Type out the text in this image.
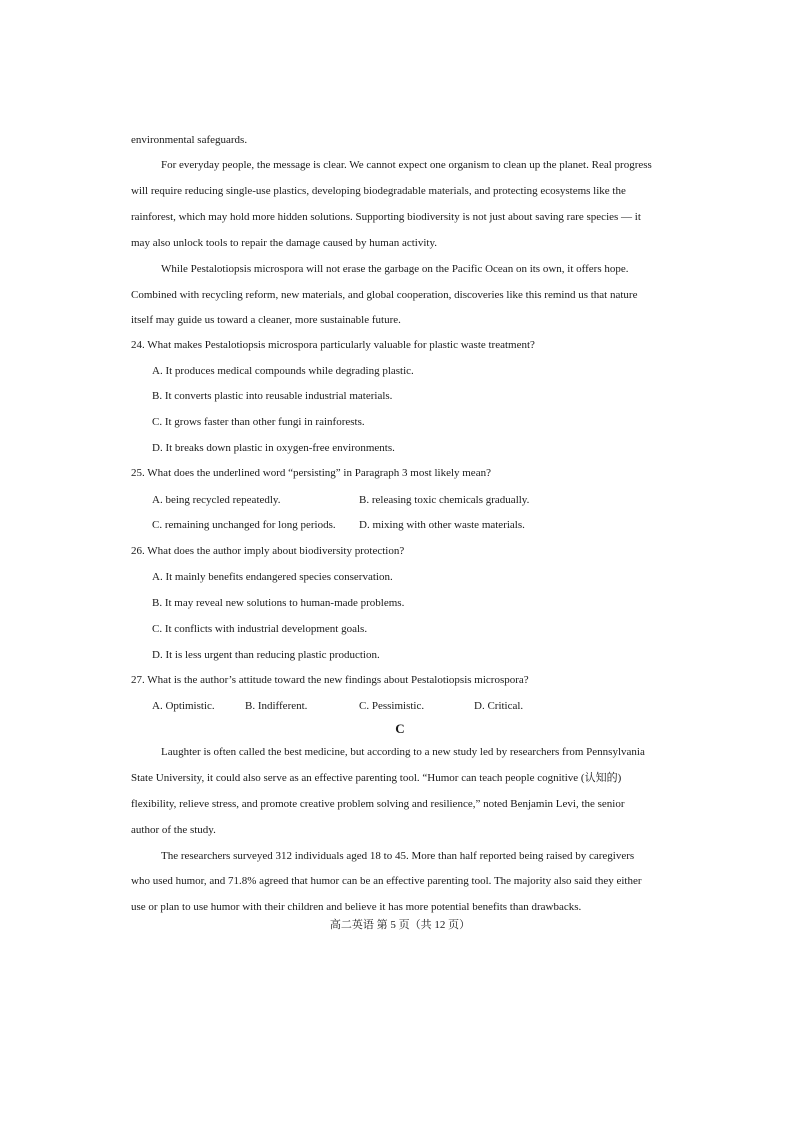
environmental safeguards.
For everyday people, the message is clear. We cannot expect one organism to clean up the planet. Real progress
will require reducing single-use plastics, developing biodegradable materials, and protecting ecosystems like the
rainforest, which may hold more hidden solutions. Supporting biodiversity is not just about saving rare species — it
may also unlock tools to repair the damage caused by human activity.
While Pestalotiopsis microspora will not erase the garbage on the Pacific Ocean on its own, it offers hope.
Combined with recycling reform, new materials, and global cooperation, discoveries like this remind us that nature
itself may guide us toward a cleaner, more sustainable future.
24. What makes Pestalotiopsis microspora particularly valuable for plastic waste treatment?
A. It produces medical compounds while degrading plastic.
B. It converts plastic into reusable industrial materials.
C. It grows faster than other fungi in rainforests.
D. It breaks down plastic in oxygen-free environments.
25. What does the underlined word “persisting” in Paragraph 3 most likely mean?
A. being recycled repeatedly.	B. releasing toxic chemicals gradually.
C. remaining unchanged for long periods. D. mixing with other waste materials.
26. What does the author imply about biodiversity protection?
A. It mainly benefits endangered species conservation.
B. It may reveal new solutions to human-made problems.
C. It conflicts with industrial development goals.
D. It is less urgent than reducing plastic production.
27. What is the author’s attitude toward the new findings about Pestalotiopsis microspora?
A. Optimistic.	B. Indifferent.	C. Pessimistic.	D. Critical.
C
Laughter is often called the best medicine, but according to a new study led by researchers from Pennsylvania
State University, it could also serve as an effective parenting tool. “Humor can teach people cognitive (认知的)
flexibility, relieve stress, and promote creative problem solving and resilience,” noted Benjamin Levi, the senior
author of the study.
The researchers surveyed 312 individuals aged 18 to 45. More than half reported being raised by caregivers
who used humor, and 71.8% agreed that humor can be an effective parenting tool. The majority also said they either
use or plan to use humor with their children and believe it has more potential benefits than drawbacks.
高二英语 第 5 页（共 12 页）
